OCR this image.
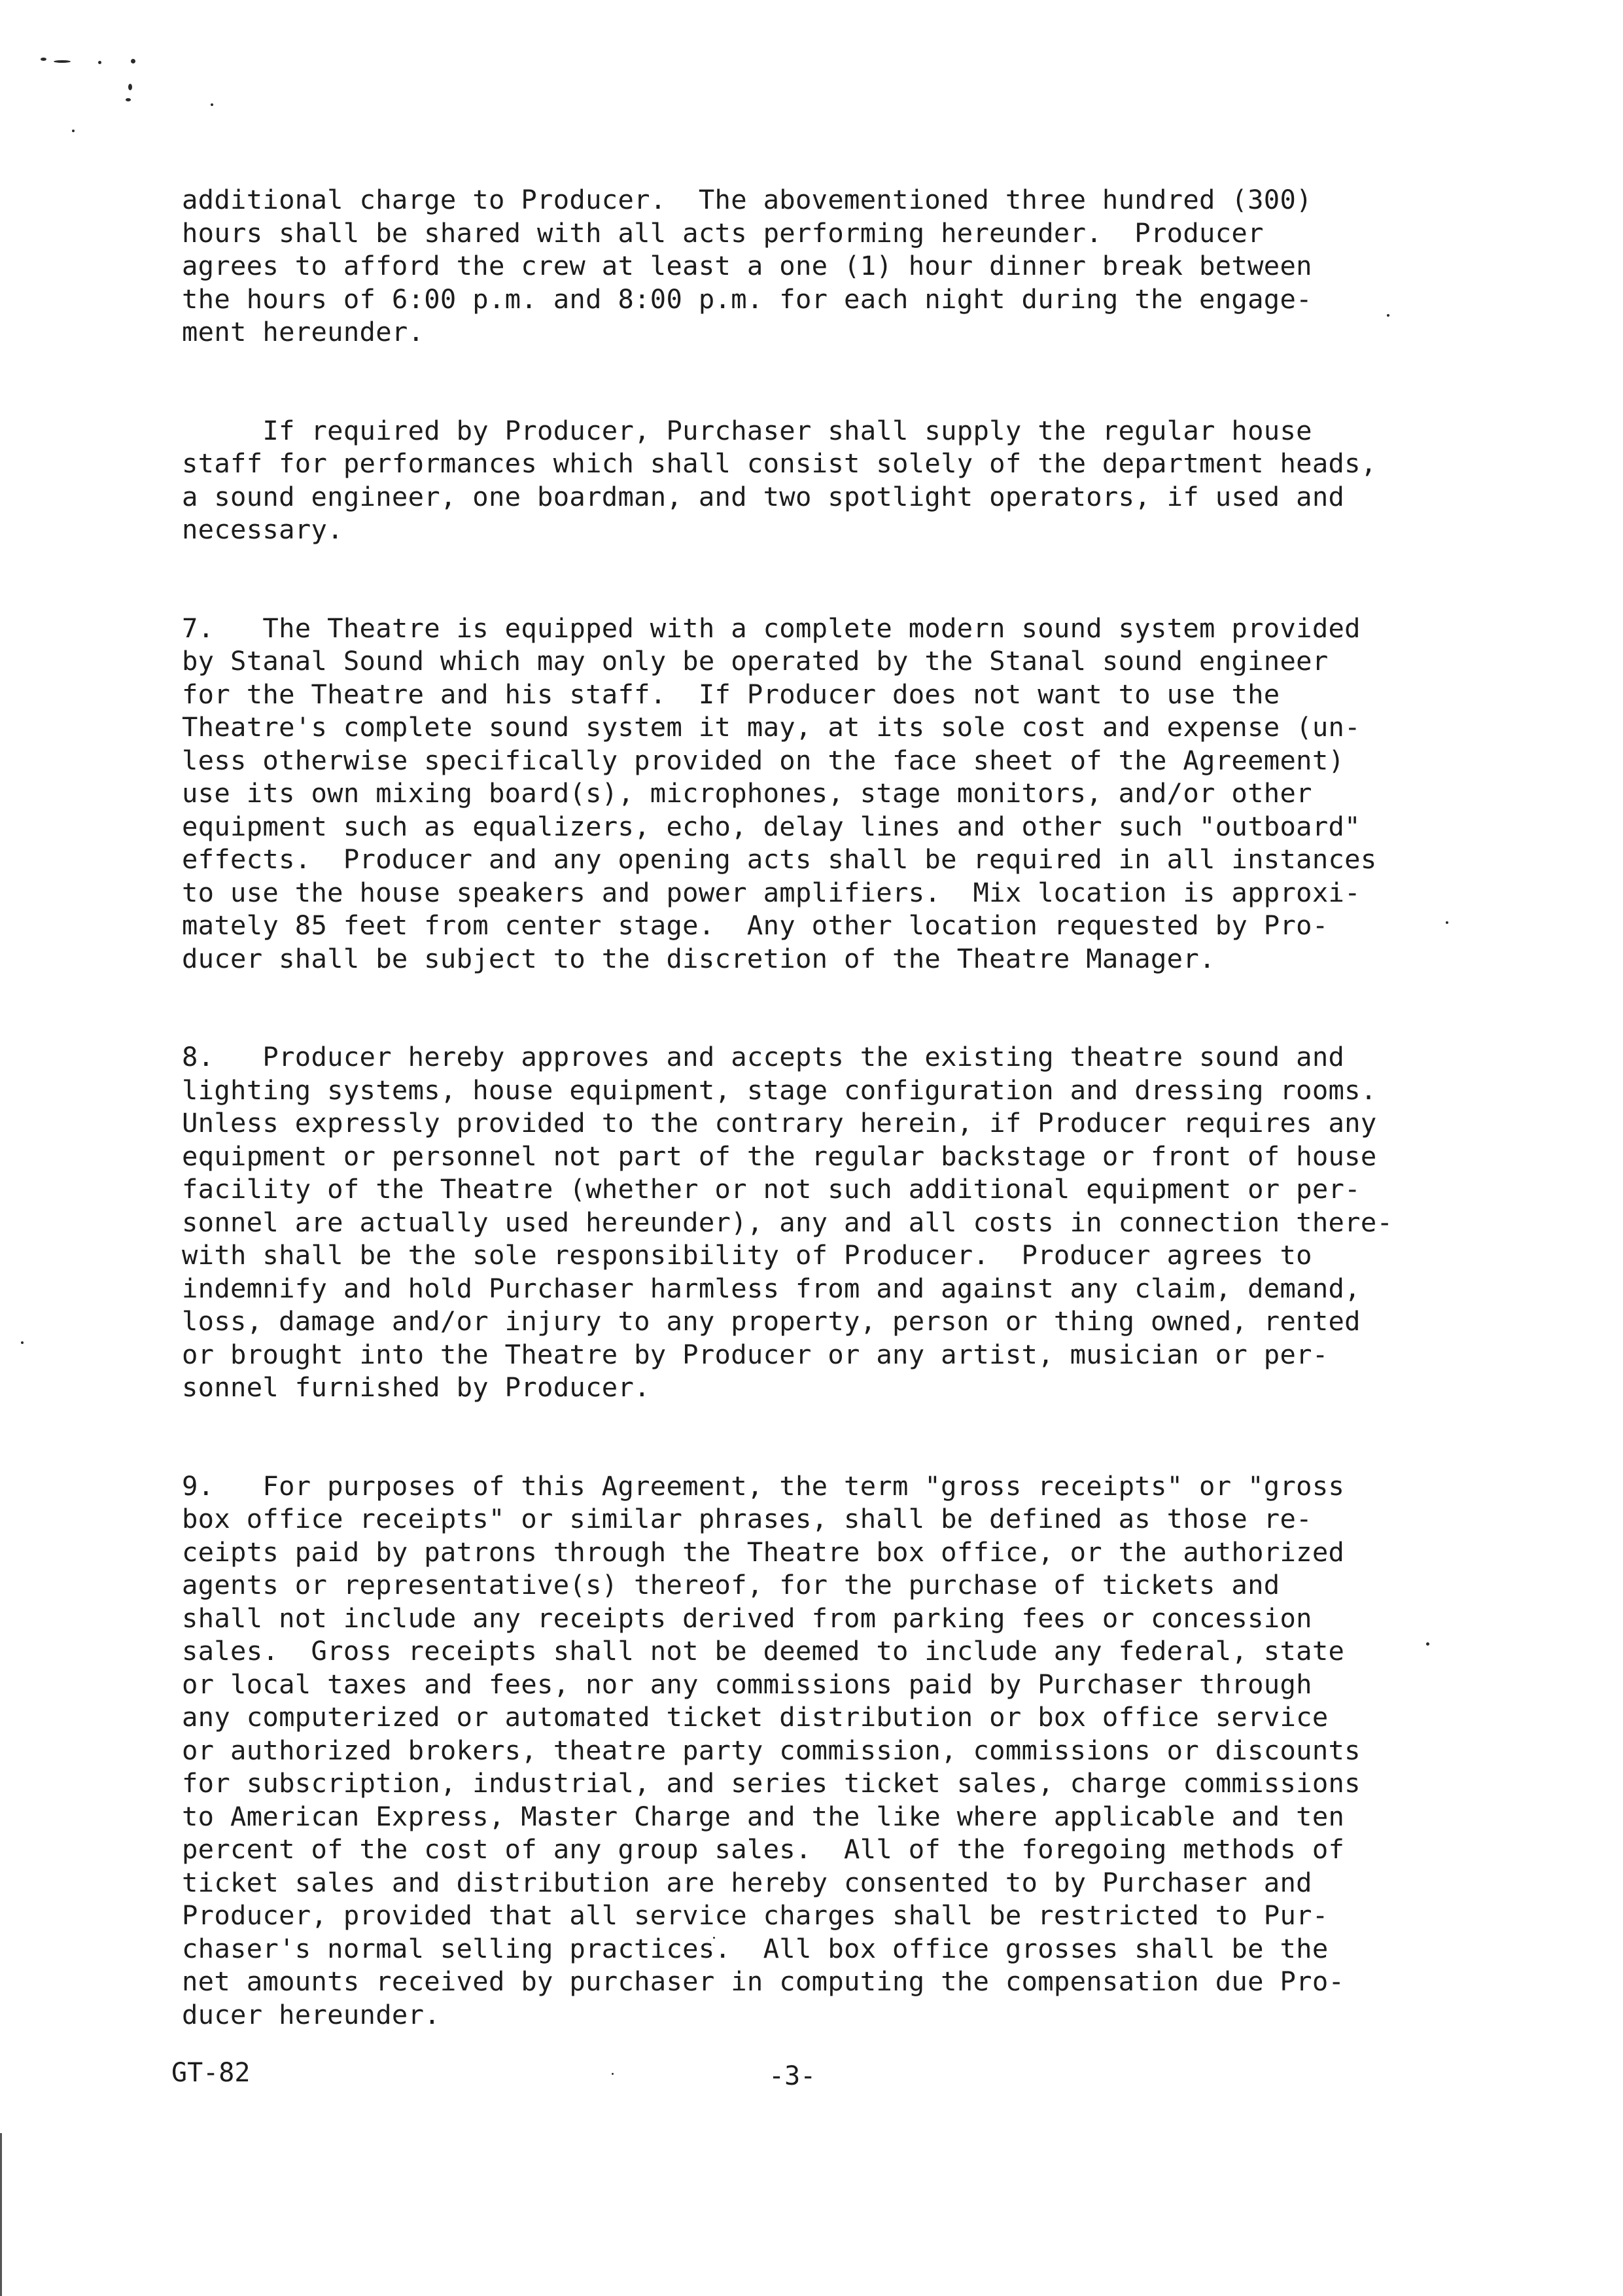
additional charge to Producer.  The abovementioned three hundred (300)
hours shall be shared with all acts performing hereunder.  Producer
agrees to afford the crew at least a one (1) hour dinner break between
the hours of 6:00 p.m. and 8:00 p.m. for each night during the engage-
ment hereunder.
If required by Producer, Purchaser shall supply the regular house
staff for performances which shall consist solely of the department heads,
a sound engineer, one boardman, and two spotlight operators, if used and
necessary.
7.   The Theatre is equipped with a complete modern sound system provided
by Stanal Sound which may only be operated by the Stanal sound engineer
for the Theatre and his staff.  If Producer does not want to use the
Theatre's complete sound system it may, at its sole cost and expense (un-
less otherwise specifically provided on the face sheet of the Agreement)
use its own mixing board(s), microphones, stage monitors, and/or other
equipment such as equalizers, echo, delay lines and other such "outboard"
effects.  Producer and any opening acts shall be required in all instances
to use the house speakers and power amplifiers.  Mix location is approxi-
mately 85 feet from center stage.  Any other location requested by Pro-
ducer shall be subject to the discretion of the Theatre Manager.
8.   Producer hereby approves and accepts the existing theatre sound and
lighting systems, house equipment, stage configuration and dressing rooms.
Unless expressly provided to the contrary herein, if Producer requires any
equipment or personnel not part of the regular backstage or front of house
facility of the Theatre (whether or not such additional equipment or per-
sonnel are actually used hereunder), any and all costs in connection there-
with shall be the sole responsibility of Producer.  Producer agrees to
indemnify and hold Purchaser harmless from and against any claim, demand,
loss, damage and/or injury to any property, person or thing owned, rented
or brought into the Theatre by Producer or any artist, musician or per-
sonnel furnished by Producer.
9.   For purposes of this Agreement, the term "gross receipts" or "gross
box office receipts" or similar phrases, shall be defined as those re-
ceipts paid by patrons through the Theatre box office, or the authorized
agents or representative(s) thereof, for the purchase of tickets and
shall not include any receipts derived from parking fees or concession
sales.  Gross receipts shall not be deemed to include any federal, state
or local taxes and fees, nor any commissions paid by Purchaser through
any computerized or automated ticket distribution or box office service
or authorized brokers, theatre party commission, commissions or discounts
for subscription, industrial, and series ticket sales, charge commissions
to American Express, Master Charge and the like where applicable and ten
percent of the cost of any group sales.  All of the foregoing methods of
ticket sales and distribution are hereby consented to by Purchaser and
Producer, provided that all service charges shall be restricted to Pur-
chaser's normal selling practices.  All box office grosses shall be the
net amounts received by purchaser in computing the compensation due Pro-
ducer hereunder.
GT-82	-3-
